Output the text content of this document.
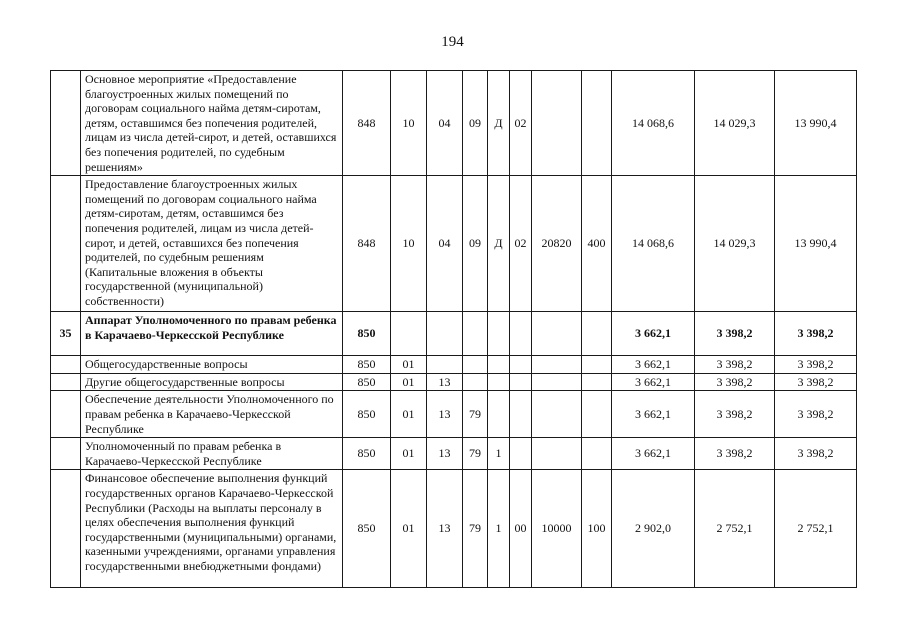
194
	Основное мероприятие «Предоставление благоустроенных жилых помещений по договорам социального найма детям-сиротам, детям, оставшимся без попечения родителей, лицам из числа детей-сирот, и детей, оставшихся без попечения родителей, по судебным решениям»	848	10	04	09	Д	02			14 068,6	14 029,3	13 990,4
	Предоставление благоустроенных жилых помещений по договорам социального найма детям-сиротам, детям, оставшимся без попечения родителей, лицам из числа детей-сирот, и детей, оставшихся без попечения родителей, по судебным решениям (Капитальные вложения в объекты государственной (муниципальной) собственности)	848	10	04	09	Д	02	20820	400	14 068,6	14 029,3	13 990,4
35	Аппарат Уполномоченного по правам ребенка в Карачаево-Черкесской Республике	850								3 662,1	3 398,2	3 398,2
	Общегосударственные вопросы	850	01							3 662,1	3 398,2	3 398,2
	Другие общегосударственные вопросы	850	01	13						3 662,1	3 398,2	3 398,2
	Обеспечение деятельности Уполномоченного по правам ребенка в Карачаево-Черкесской Республике	850	01	13	79					3 662,1	3 398,2	3 398,2
	Уполномоченный по правам ребенка в Карачаево-Черкесской Республике	850	01	13	79	1				3 662,1	3 398,2	3 398,2
	Финансовое обеспечение выполнения функций государственных органов Карачаево-Черкесской Республики (Расходы на выплаты персоналу в целях обеспечения выполнения функций государственными (муниципальными) органами, казенными учреждениями, органами управления государственными внебюджетными фондами)	850	01	13	79	1	00	10000	100	2 902,0	2 752,1	2 752,1
